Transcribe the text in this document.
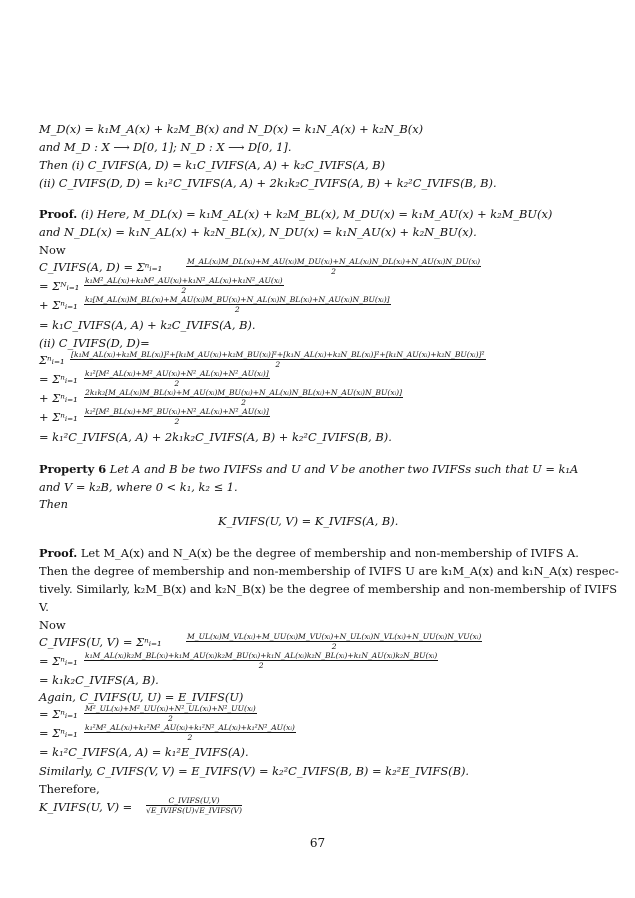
M_D(x) = k₁M_A(x) + k₂M_B(x) and N_D(x) = k₁N_A(x) + k₂N_B(x)
and M_D : X ⟶ D[0, 1]; N_D : X ⟶ D[0, 1].
Then (i) C_IVIFS(A, D) = k₁C_IVIFS(A, A) + k₂C_IVIFS(A, B)
(ii) C_IVIFS(D, D) = k₁²C_IVIFS(A, A) + 2k₁k₂C_IVIFS(A, B) + k₂²C_IVIFS(B, B).
Proof. (i) Here, M_DL(x) = k₁M_AL(x) + k₂M_BL(x), M_DU(x) = k₁M_AU(x) + k₂M_BU(x)
and N_DL(x) = k₁N_AL(x) + k₂N_BL(x), N_DU(x) = k₁N_AU(x) + k₂N_BU(x).
Now
C_IVIFS(A, D) = Σⁿᵢ₌₁	M_AL(xᵢ)M_DL(xᵢ)+M_AU(xᵢ)M_DU(xᵢ)+N_AL(xᵢ)N_DL(xᵢ)+N_AU(xᵢ)N_DU(xᵢ)
2
= Σᴺᵢ₌₁ $\frac{\text{k₁M²\_AL(xᵢ)+k₁M²\_AU(xᵢ)+k₁N²\_AL(xᵢ)+k₁N²\_AU(xᵢ)}}{2}$
+ Σⁿᵢ₌₁ k₂[M_AL(xᵢ)M_BL(xᵢ)+M_AU(xᵢ)M_BU(xᵢ)+N_AL(xᵢ)N_BL(xᵢ)+N_AU(xᵢ)N_BU(xᵢ)]
2
= k₁C_IVIFS(A, A) + k₂C_IVIFS(A, B).
(ii) C_IVIFS(D, D)=
Σⁿᵢ₌₁ [k₁M_AL(xᵢ)+k₂M_BL(xᵢ)]²+[k₁M_AU(xᵢ)+k₂M_BU(xᵢ)]²+[k₁N_AL(xᵢ)+k₂N_BL(xᵢ)]²+[k₁N_AU(xᵢ)+k₂N_BU(xᵢ)]²
2
= Σⁿᵢ₌₁ $\frac{\text{k₁²[M²\_AL(xᵢ)+M²\_AU(xᵢ)+N²\_AL(xᵢ)+N²\_AU(xᵢ)]}}{2}$
+ Σⁿᵢ₌₁ 2k₁k₂[M_AL(xᵢ)M_BL(xᵢ)+M_AU(xᵢ)M_BU(xᵢ)+N_AL(xᵢ)N_BL(xᵢ)+N_AU(xᵢ)N_BU(xᵢ)]
2
+ Σⁿᵢ₌₁ $\frac{\text{k₂²[M²\_BL(xᵢ)+M²\_BU(xᵢ)+N²\_AL(xᵢ)+N²\_AU(xᵢ)]}}{2}$
= k₁²C_IVIFS(A, A) + 2k₁k₂C_IVIFS(A, B) + k₂²C_IVIFS(B, B).
Property 6 Let A and B be two IVIFSs and U and V be another two IVIFSs such that U = k₁A
and V = k₂B, where 0 < k₁, k₂ ≤ 1.
Then
K_IVIFS(U, V) = K_IVIFS(A, B).
Proof. Let M_A(x) and N_A(x) be the degree of membership and non-membership of IVIFS A.
Then the degree of membership and non-membership of IVIFS U are k₁M_A(x) and k₁N_A(x) respec-
tively. Similarly, k₂M_B(x) and k₂N_B(x) be the degree of membership and non-membership of IVIFS
V.
Now
C_IVIFS(U, V) = Σⁿᵢ₌₁	M_UL(xᵢ)M_VL(xᵢ)+M_UU(xᵢ)M_VU(xᵢ)+N_UL(xᵢ)N_VL(xᵢ)+N_UU(xᵢ)N_VU(xᵢ)
2
= Σⁿᵢ₌₁ k₁M_AL(xᵢ)k₂M_BL(xᵢ)+k₁M_AU(xᵢ)k₂M_BU(xᵢ)+k₁N_AL(xᵢ)k₂N_BL(xᵢ)+k₁N_AU(xᵢ)k₂N_BU(xᵢ)
2
= k₁k₂C_IVIFS(A, B).
Again, C_IVIFS(U, U) = E_IVIFS(U)
= Σⁿᵢ₌₁ $\frac{\text{M²\_UL(xᵢ)+M²\_UU(xᵢ)+N²\_UL(xᵢ)+N²\_UU(xᵢ)}}{2}$
= Σⁿᵢ₌₁ $\frac{\text{k₁²M²\_AL(xᵢ)+k₁²M²\_AU(xᵢ)+k₁²N²\_AL(xᵢ)+k₁²N²\_AU(xᵢ)}}{2}$
= k₁²C_IVIFS(A, A) = k₁²E_IVIFS(A).
Similarly, C_IVIFS(V, V) = E_IVIFS(V) = k₂²C_IVIFS(B, B) = k₂²E_IVIFS(B).
Therefore,
K_IVIFS(U, V) =	C_IVIFS(U,V)
√E_IVIFS(U)√E_IVIFS(V)
67
